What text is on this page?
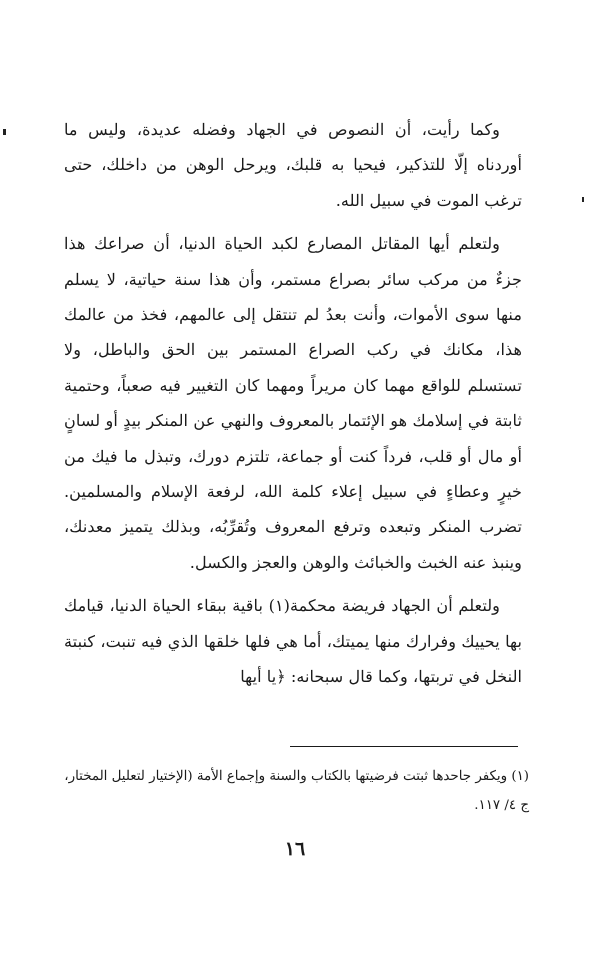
وكما رأيت، أن النصوص في الجهاد وفضله عديدة، وليس ما أوردناه إلّا للتذكير، فيحيا به قلبك، ويرحل الوهن من داخلك، حتى ترغب الموت في سبيل الله.

ولتعلم أيها المقاتل المصارع لكبد الحياة الدنيا، أن صراعك هذا جزءٌ من مركب سائر بصراع مستمر، وأن هذا سنة حياتية، لا يسلم منها سوى الأموات، وأنت بعدُ لم تنتقل إلى عالمهم، فخذ من عالمك هذا، مكانك في ركب الصراع المستمر بين الحق والباطل، ولا تستسلم للواقع مهما كان مريراً ومهما كان التغيير فيه صعباً، وحتمية ثابتة في إسلامك هو الإئتمار بالمعروف والنهي عن المنكر بيدٍ أو لسانٍ أو مال أو قلب، فرداً كنت أو جماعة، تلتزم دورك، وتبذل ما فيك من خيرٍ وعطاءٍ في سبيل إعلاء كلمة الله، لرفعة الإسلام والمسلمين. تضرب المنكر وتبعده وترفع المعروف وتُقرِّبُه، وبذلك يتميز معدنك، وينبذ عنه الخبث والخبائث والوهن والعجز والكسل.

ولتعلم أن الجهاد فريضة محكمة(١) باقية ببقاء الحياة الدنيا، قيامك بها يحييك وفرارك منها يميتك، أما هي فلها خلقها الذي فيه تنبت، كنبتة النخل في تربتها، وكما قال سبحانه: ﴿يا أيها

(١) ويكفر جاحدها ثبتت فرضيتها بالكتاب والسنة وإجماع الأمة (الإختيار لتعليل المختار، ج ٤/ ١١٧.
١٦
